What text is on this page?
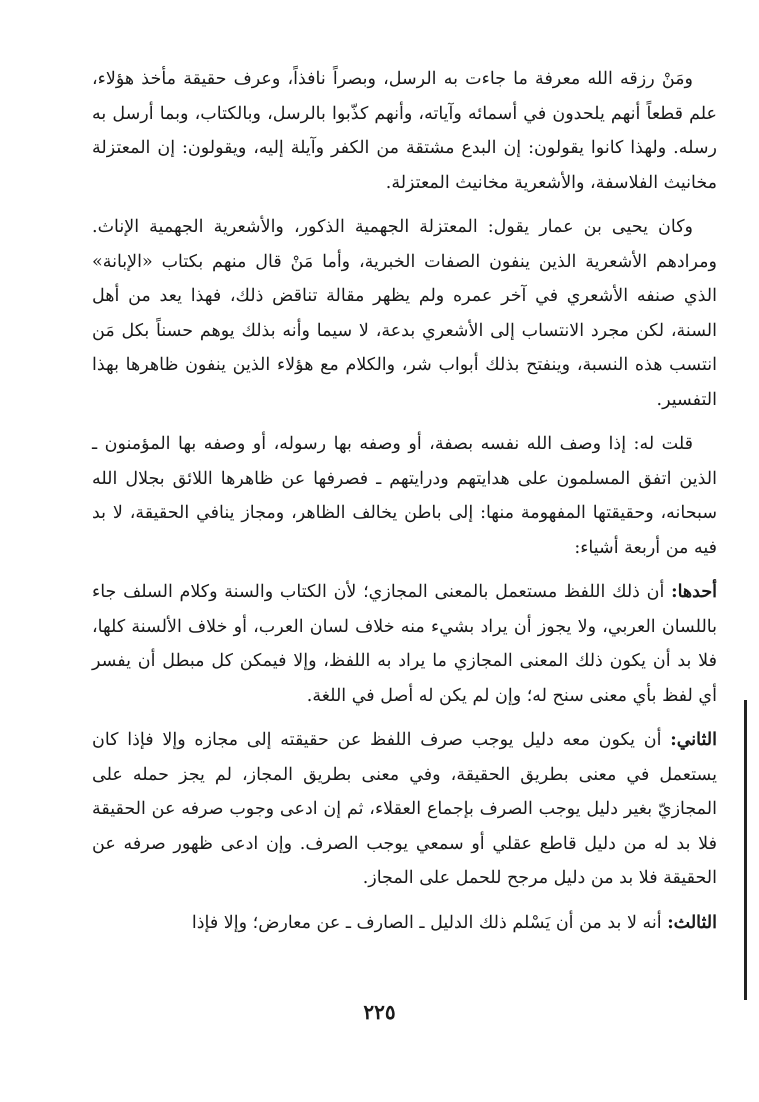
ومَنْ رزقه الله معرفة ما جاءت به الرسل، وبصراً نافذاً، وعرف حقيقة مأخذ هؤلاء، علم قطعاً أنهم يلحدون في أسمائه وآياته، وأنهم كذّبوا بالرسل، وبالكتاب، وبما أرسل به رسله. ولهذا كانوا يقولون: إن البدع مشتقة من الكفر وآيلة إليه، ويقولون: إن المعتزلة مخانيث الفلاسفة، والأشعرية مخانيث المعتزلة.

وكان يحيى بن عمار يقول: المعتزلة الجهمية الذكور، والأشعرية الجهمية الإناث. ومرادهم الأشعرية الذين ينفون الصفات الخبرية، وأما مَنْ قال منهم بكتاب «الإبانة» الذي صنفه الأشعري في آخر عمره ولم يظهر مقالة تناقض ذلك، فهذا يعد من أهل السنة، لكن مجرد الانتساب إلى الأشعري بدعة، لا سيما وأنه بذلك يوهم حسناً بكل مَن انتسب هذه النسبة، وينفتح بذلك أبواب شر، والكلام مع هؤلاء الذين ينفون ظاهرها بهذا التفسير.

قلت له: إذا وصف الله نفسه بصفة، أو وصفه بها رسوله، أو وصفه بها المؤمنون ـ الذين اتفق المسلمون على هدايتهم ودرايتهم ـ فصرفها عن ظاهرها اللائق بجلال الله سبحانه، وحقيقتها المفهومة منها: إلى باطن يخالف الظاهر، ومجاز ينافي الحقيقة، لا بد فيه من أربعة أشياء:

أحدها: أن ذلك اللفظ مستعمل بالمعنى المجازي؛ لأن الكتاب والسنة وكلام السلف جاء باللسان العربي، ولا يجوز أن يراد بشيء منه خلاف لسان العرب، أو خلاف الألسنة كلها، فلا بد أن يكون ذلك المعنى المجازي ما يراد به اللفظ، وإلا فيمكن كل مبطل أن يفسر أي لفظ بأي معنى سنح له؛ وإن لم يكن له أصل في اللغة.

الثاني: أن يكون معه دليل يوجب صرف اللفظ عن حقيقته إلى مجازه وإلا فإذا كان يستعمل في معنى بطريق الحقيقة، وفي معنى بطريق المجاز، لم يجز حمله على المجازيّ بغير دليل يوجب الصرف بإجماع العقلاء، ثم إن ادعى وجوب صرفه عن الحقيقة فلا بد له من دليل قاطع عقلي أو سمعي يوجب الصرف. وإن ادعى ظهور صرفه عن الحقيقة فلا بد من دليل مرجح للحمل على المجاز.

الثالث: أنه لا بد من أن يَسْلم ذلك الدليل ـ الصارف ـ عن معارض؛ وإلا فإذا

٢٢٥
